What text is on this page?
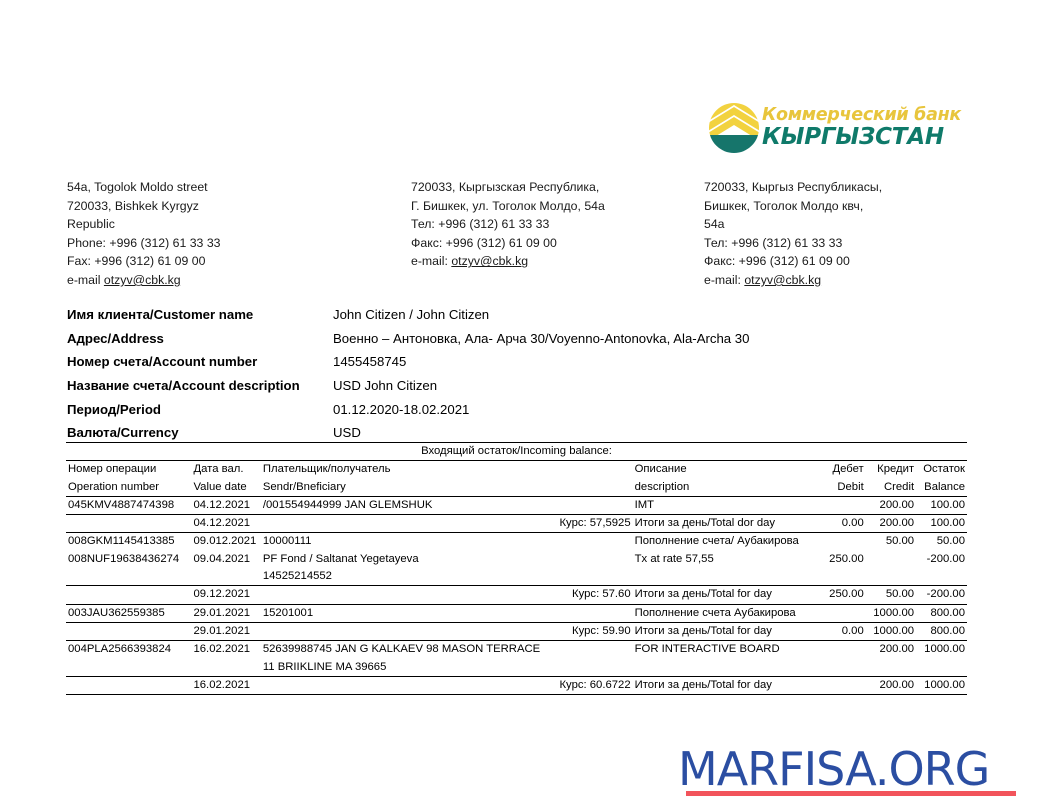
Коммерческий банк
КЫРГЫЗСТАН
54a, Togolok Moldo street
720033, Bishkek Kyrgyz
Republic
Phone: +996 (312) 61 33 33
Fax: +996 (312) 61 09 00
e-mail otzyv@cbk.kg
720033, Кыргызская Республика,
Г. Бишкек, ул. Тоголок Молдо, 54а
Тел: +996 (312) 61 33 33
Факс: +996 (312) 61 09 00
e-mail: otzyv@cbk.kg
720033, Кыргыз Республикасы,
Бишкек, Тоголок Молдо квч,
54а
Тел: +996 (312) 61 33 33
Факс: +996 (312) 61 09 00
e-mail: otzyv@cbk.kg
Имя клиента/Customer name	John Citizen / John Citizen
Адрес/Address	Военно – Антоновка, Ала- Арча 30/Voyenno-Antonovka, Ala-Archa 30
Номер счета/Account number	1455458745
Название счета/Account description	USD John Citizen
Период/Period	01.12.2020-18.02.2021
Валюта/Currency	USD
Входящий остаток/Incoming balance:							
Номер операции	Дата вал.	Плательщик/получатель		Описание	Дебет	Кредит	Остаток
Operation number	Value date	Sendr/Bneficiary		description	Debit	Credit	Balance
045KMV4887474398	04.12.2021	/001554944999 JAN GLEMSHUK		IMT		200.00	100.00
	04.12.2021		Курс: 57,5925	Итоги за день/Total dor day	0.00	200.00	100.00
008GKM1145413385	09.012.2021	10000111		Пополнение счета/ Аубакирова		50.00	50.00
008NUF19638436274	09.04.2021	PF Fond / Saltanat Yegetayeva		Tx at rate 57,55	250.00		-200.00
		14525214552					
	09.12.2021		Курс: 57.60	Итоги за день/Total for day	250.00	50.00	-200.00
003JAU362559385	29.01.2021	15201001		Пополнение счета Аубакирова		1000.00	800.00
	29.01.2021		Курс: 59.90	Итоги за день/Total for day	0.00	1000.00	800.00
004PLA2566393824	16.02.2021	52639988745 JAN G KALKAEV 98 MASON TERRACE		FOR INTERACTIVE BOARD		200.00	1000.00
		11 BRIIKLINE MA 39665					
	16.02.2021		Курс: 60.6722	Итоги за день/Total for day		200.00	1000.00
MARFISA.ORG
